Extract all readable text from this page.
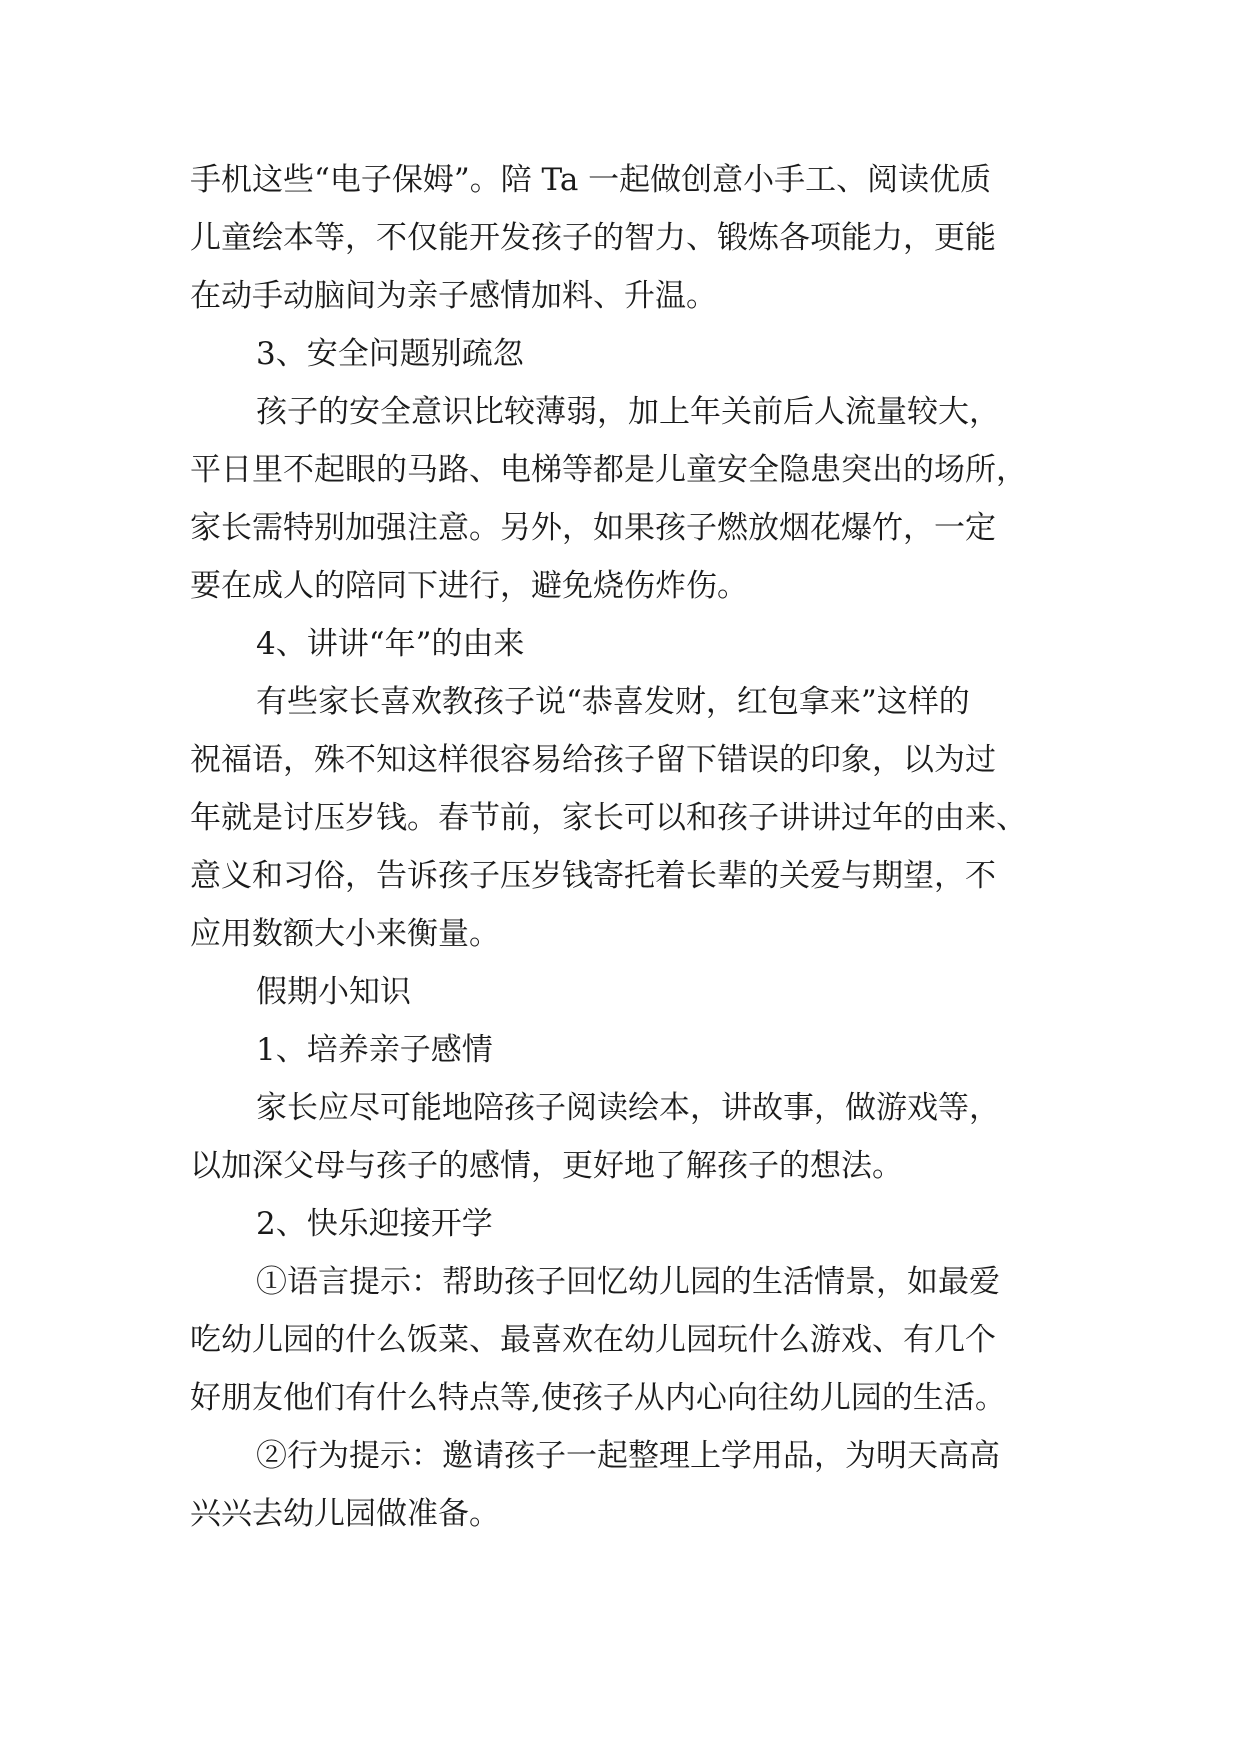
手机这些“电子保姆”。陪 Ta 一起做创意小手工、阅读优质
儿童绘本等，不仅能开发孩子的智力、锻炼各项能力，更能
在动手动脑间为亲子感情加料、升温。
3、安全问题别疏忽
孩子的安全意识比较薄弱，加上年关前后人流量较大，
平日里不起眼的马路、电梯等都是儿童安全隐患突出的场所，
家长需特别加强注意。另外，如果孩子燃放烟花爆竹，一定
要在成人的陪同下进行，避免烧伤炸伤。
4、讲讲“年”的由来
有些家长喜欢教孩子说“恭喜发财，红包拿来”这样的
祝福语，殊不知这样很容易给孩子留下错误的印象，以为过
年就是讨压岁钱。春节前，家长可以和孩子讲讲过年的由来、
意义和习俗，告诉孩子压岁钱寄托着长辈的关爱与期望，不
应用数额大小来衡量。
假期小知识
1、培养亲子感情
家长应尽可能地陪孩子阅读绘本，讲故事，做游戏等，
以加深父母与孩子的感情，更好地了解孩子的想法。
2、快乐迎接开学
①语言提示：帮助孩子回忆幼儿园的生活情景，如最爱
吃幼儿园的什么饭菜、最喜欢在幼儿园玩什么游戏、有几个
好朋友他们有什么特点等,使孩子从内心向往幼儿园的生活。
②行为提示：邀请孩子一起整理上学用品，为明天高高
兴兴去幼儿园做准备。
